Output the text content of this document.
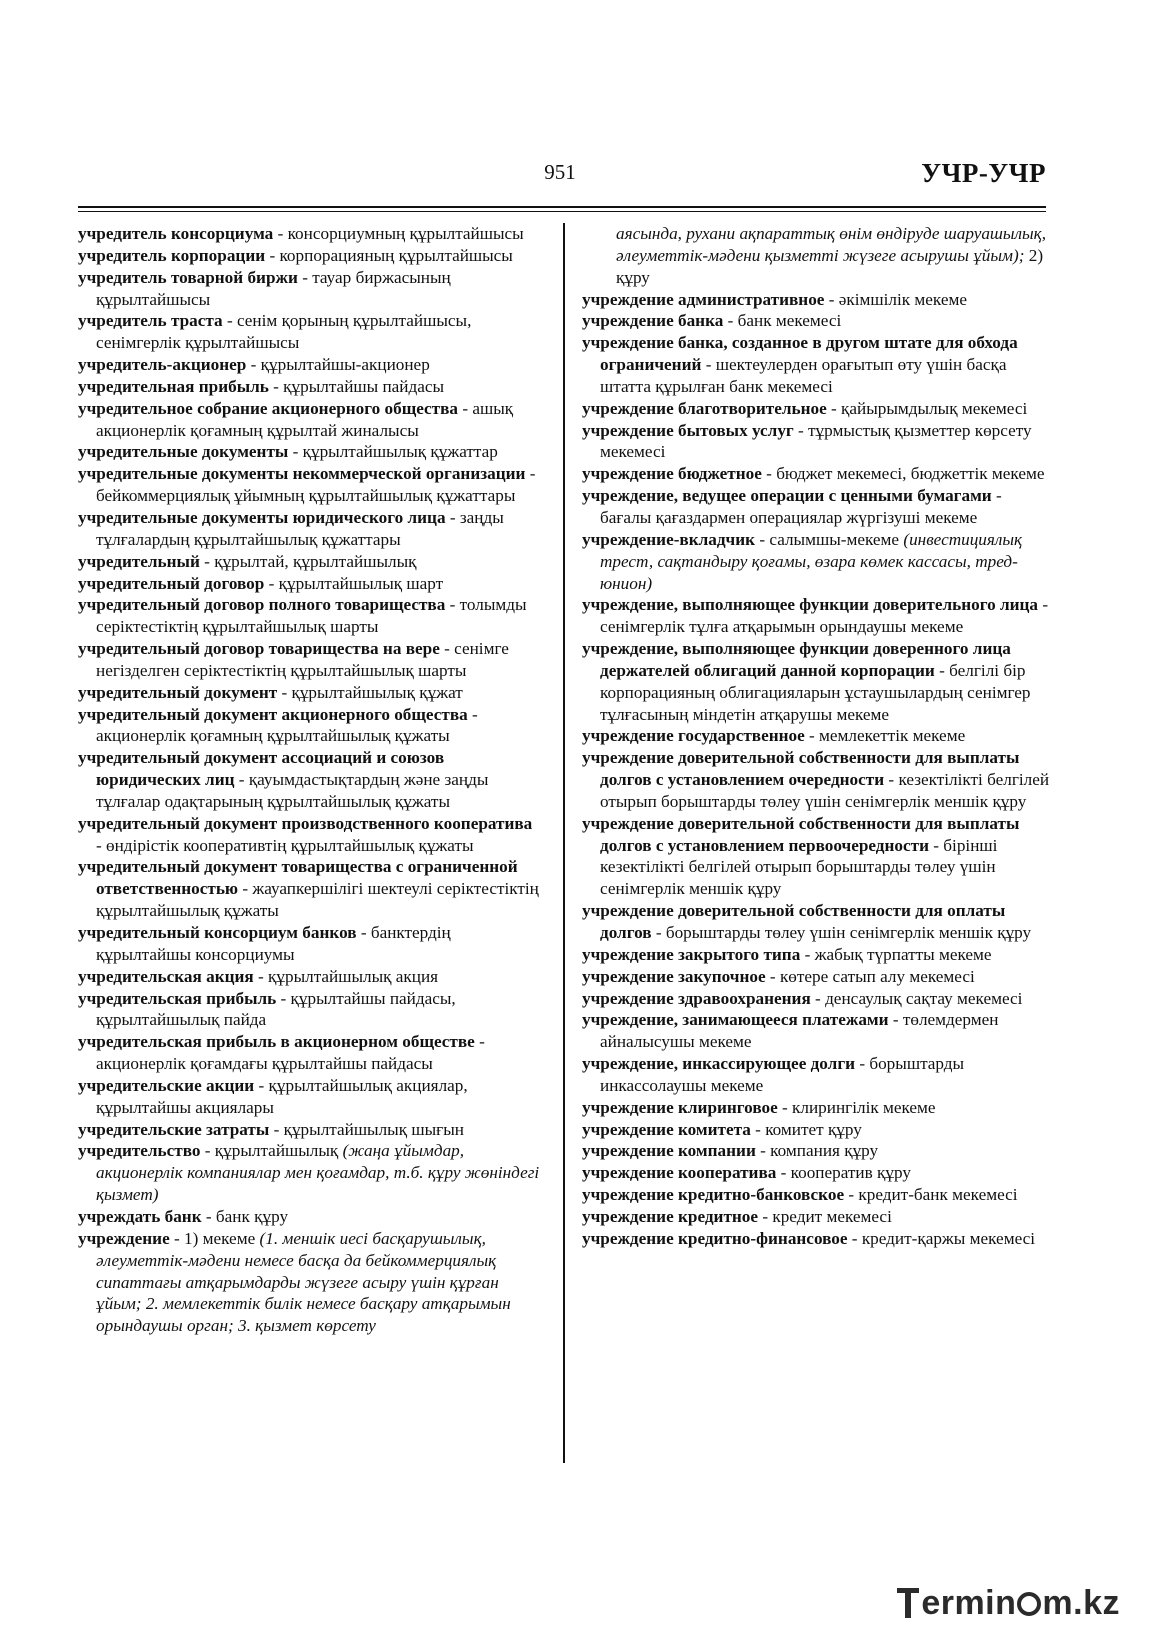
951	УЧР-УЧР

учредитель консорциума - консорциумның құрылтайшысы

учредитель корпорации - корпорацияның құрылтайшысы

учредитель товарной биржи - тауар биржасының құрылтайшысы

учредитель траста - сенім қорының құрылтайшысы, сенімгерлік құрылтайшысы

учредитель-акционер - құрылтайшы-акционер

учредительная прибыль - құрылтайшы пайдасы

учредительное собрание акционерного общества - ашық акционерлік қоғамның құрылтай жиналысы

учредительные документы - құрылтайшылық құжаттар

учредительные документы некоммерческой организации - бейкоммерциялық ұйымның құрылтайшылық құжаттары

учредительные документы юридического лица - заңды тұлғалардың құрылтайшылық құжаттары

учредительный - құрылтай, құрылтайшылық

учредительный договор - құрылтайшылық шарт

учредительный договор полного товарищества - толымды серіктестіктің құрылтайшылық шарты

учредительный договор товарищества на вере - сенімге негізделген серіктестіктің құрылтайшылық шарты

учредительный документ - құрылтайшылық құжат

учредительный документ акционерного общества - акционерлік қоғамның құрылтайшылық құжаты

учредительный документ ассоциаций и союзов юридических лиц - қауымдастықтардың және заңды тұлғалар одақтарының құрылтайшылық құжаты

учредительный документ производственного кооператива - өндірістік кооперативтің құрылтайшылық құжаты

учредительный документ товарищества с ограниченной ответственностью - жауапкершілігі шектеулі серіктестіктің құрылтайшылық құжаты

учредительный консорциум банков - банктердің құрылтайшы консорциумы

учредительская акция - құрылтайшылық акция

учредительская прибыль - құрылтайшы пайдасы, құрылтайшылық пайда

учредительская прибыль в акционерном обществе - акционерлік қоғамдағы құрылтайшы пайдасы

учредительские акции - құрылтайшылық акциялар, құрылтайшы акциялары

учредительские затраты - құрылтайшылық шығын

учредительство - құрылтайшылық (жаңа ұйымдар, акционерлік компаниялар мен қоғамдар, т.б. құру жөніндегі қызмет)

учреждать банк - банк құру

учреждение - 1) мекеме (1. меншік иесі басқарушылық, әлеуметтік-мәдени немесе басқа да бейкоммерциялық сипаттағы атқарымдарды жүзеге асыру үшін құрған ұйым; 2. мемлекеттік билік немесе басқару атқарымын орындаушы орган; 3. қызмет көрсету

аясында, рухани ақпараттық өнім өндіруде шаруашылық, әлеуметтік-мәдени қызметті жүзеге асырушы ұйым); 2) құру

учреждение административное - әкімшілік мекеме

учреждение банка - банк мекемесі

учреждение банка, созданное в другом штате для обхода ограничений - шектеулерден орағытып өту үшін басқа штатта құрылған банк мекемесі

учреждение благотворительное - қайырымдылық мекемесі

учреждение бытовых услуг - тұрмыстық қызметтер көрсету мекемесі

учреждение бюджетное - бюджет мекемесі, бюджеттік мекеме

учреждение, ведущее операции с ценными бумагами - бағалы қағаздармен операциялар жүргізуші мекеме

учреждение-вкладчик - салымшы-мекеме (инвестициялық трест, сақтандыру қоғамы, өзара көмек кассасы, тред-юнион)

учреждение, выполняющее функции доверительного лица - сенімгерлік тұлға атқарымын орындаушы мекеме

учреждение, выполняющее функции доверенного лица держателей облигаций данной корпорации - белгілі бір корпорацияның облигацияларын ұстаушылардың сенімгер тұлғасының міндетін атқарушы мекеме

учреждение государственное - мемлекеттік мекеме

учреждение доверительной собственности для выплаты долгов с установлением очередности - кезектілікті белгілей отырып борыштарды төлеу үшін сенімгерлік меншік құру

учреждение доверительной собственности для выплаты долгов с установлением первоочередности - бірінші кезектілікті белгілей отырып борыштарды төлеу үшін сенімгерлік меншік құру

учреждение доверительной собственности для оплаты долгов - борыштарды төлеу үшін сенімгерлік меншік құру

учреждение закрытого типа - жабық түрпатты мекеме

учреждение закупочное - көтере сатып алу мекемесі

учреждение здравоохранения - денсаулық сақтау мекемесі

учреждение, занимающееся платежами - төлемдермен айналысушы мекеме

учреждение, инкассирующее долги - борыштарды инкассолаушы мекеме

учреждение клиринговое - клирингілік мекеме

учреждение комитета - комитет құру

учреждение компании - компания құру

учреждение кооператива - кооператив құру

учреждение кредитно-банковское - кредит-банк мекемесі

учреждение кредитное - кредит мекемесі

учреждение кредитно-финансовое - кредит-қаржы мекемесі

ermin m.kz
